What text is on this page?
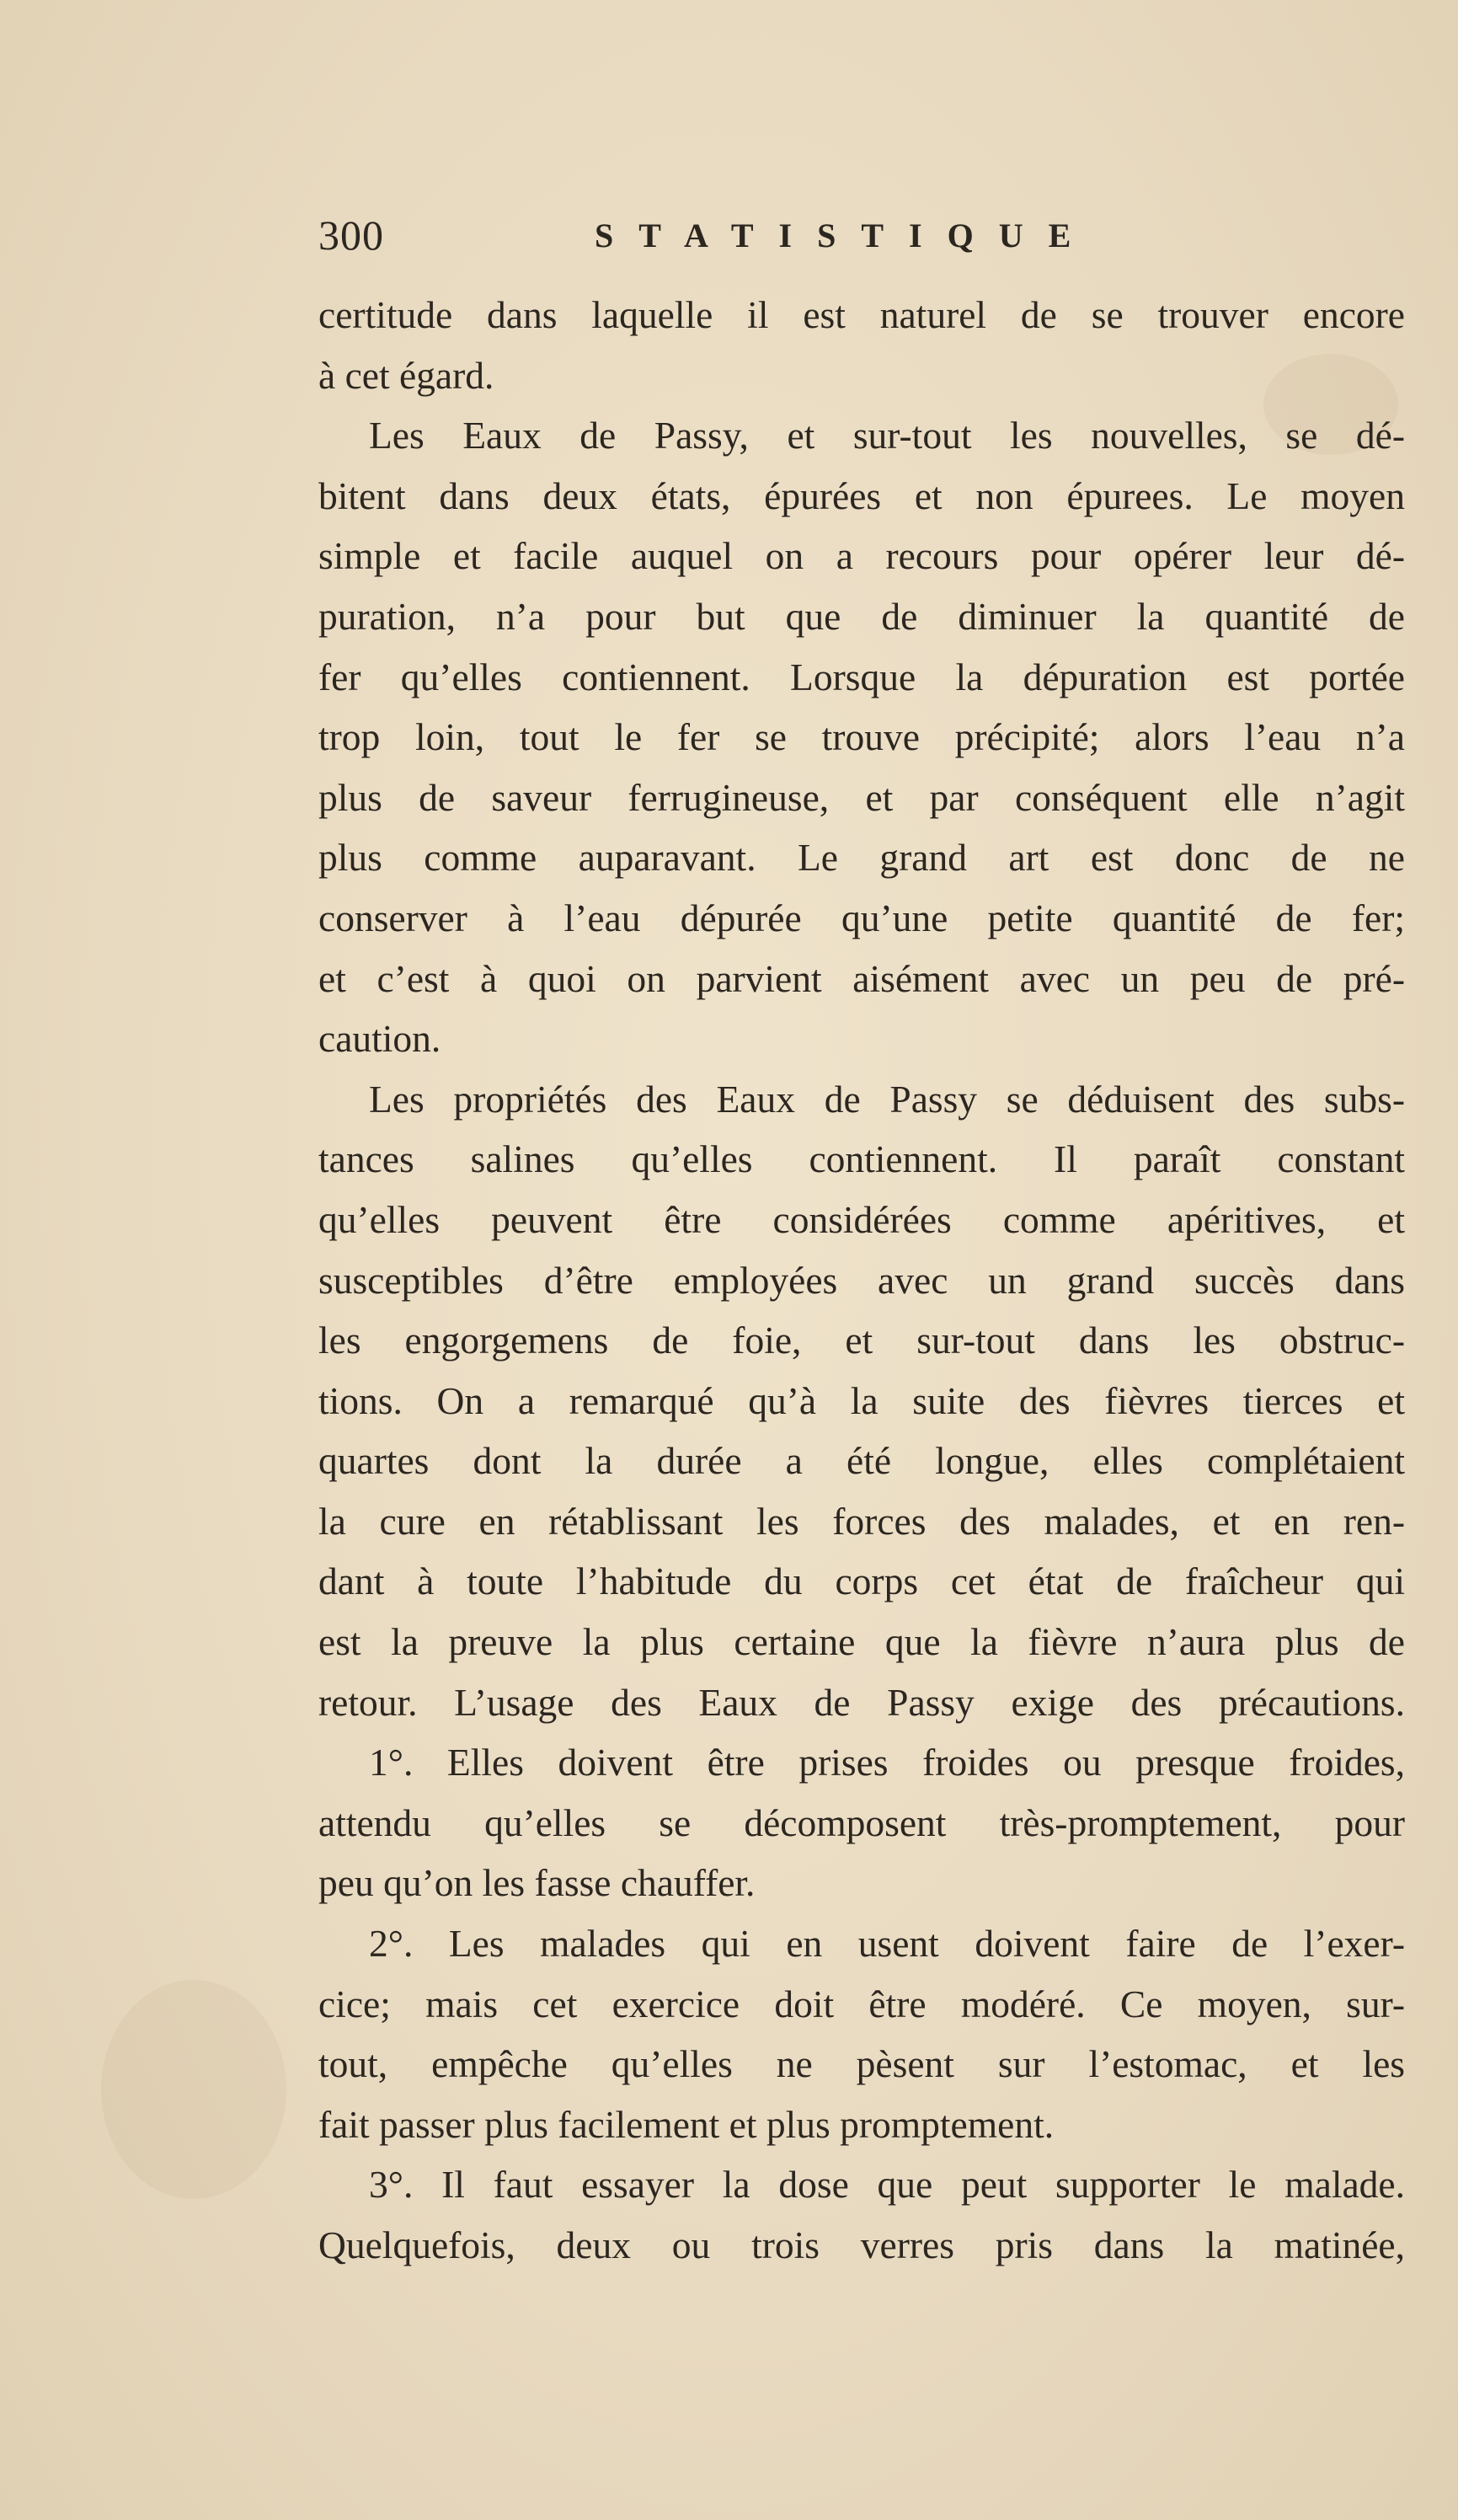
300	STATISTIQUE
certitude dans laquelle il est naturel de se trouver encore
à cet égard.
Les Eaux de Passy, et sur-tout les nouvelles, se dé-
bitent dans deux états, épurées et non épurees. Le moyen
simple et facile auquel on a recours pour opérer leur dé-
puration, n’a pour but que de diminuer la quantité de
fer qu’elles contiennent. Lorsque la dépuration est portée
trop loin, tout le fer se trouve précipité; alors l’eau n’a
plus de saveur ferrugineuse, et par conséquent elle n’agit
plus comme auparavant. Le grand art est donc de ne
conserver à l’eau dépurée qu’une petite quantité de fer;
et c’est à quoi on parvient aisément avec un peu de pré-
caution.
Les propriétés des Eaux de Passy se déduisent des subs-
tances salines qu’elles contiennent. Il paraît constant
qu’elles peuvent être considérées comme apéritives, et
susceptibles d’être employées avec un grand succès dans
les engorgemens de foie, et sur-tout dans les obstruc-
tions. On a remarqué qu’à la suite des fièvres tierces et
quartes dont la durée a été longue, elles complétaient
la cure en rétablissant les forces des malades, et en ren-
dant à toute l’habitude du corps cet état de fraîcheur qui
est la preuve la plus certaine que la fièvre n’aura plus de
retour. L’usage des Eaux de Passy exige des précautions.
1°. Elles doivent être prises froides ou presque froides,
attendu qu’elles se décomposent très-promptement, pour
peu qu’on les fasse chauffer.
2°. Les malades qui en usent doivent faire de l’exer-
cice; mais cet exercice doit être modéré. Ce moyen, sur-
tout, empêche qu’elles ne pèsent sur l’estomac, et les
fait passer plus facilement et plus promptement.
3°. Il faut essayer la dose que peut supporter le malade.
Quelquefois, deux ou trois verres pris dans la matinée,
